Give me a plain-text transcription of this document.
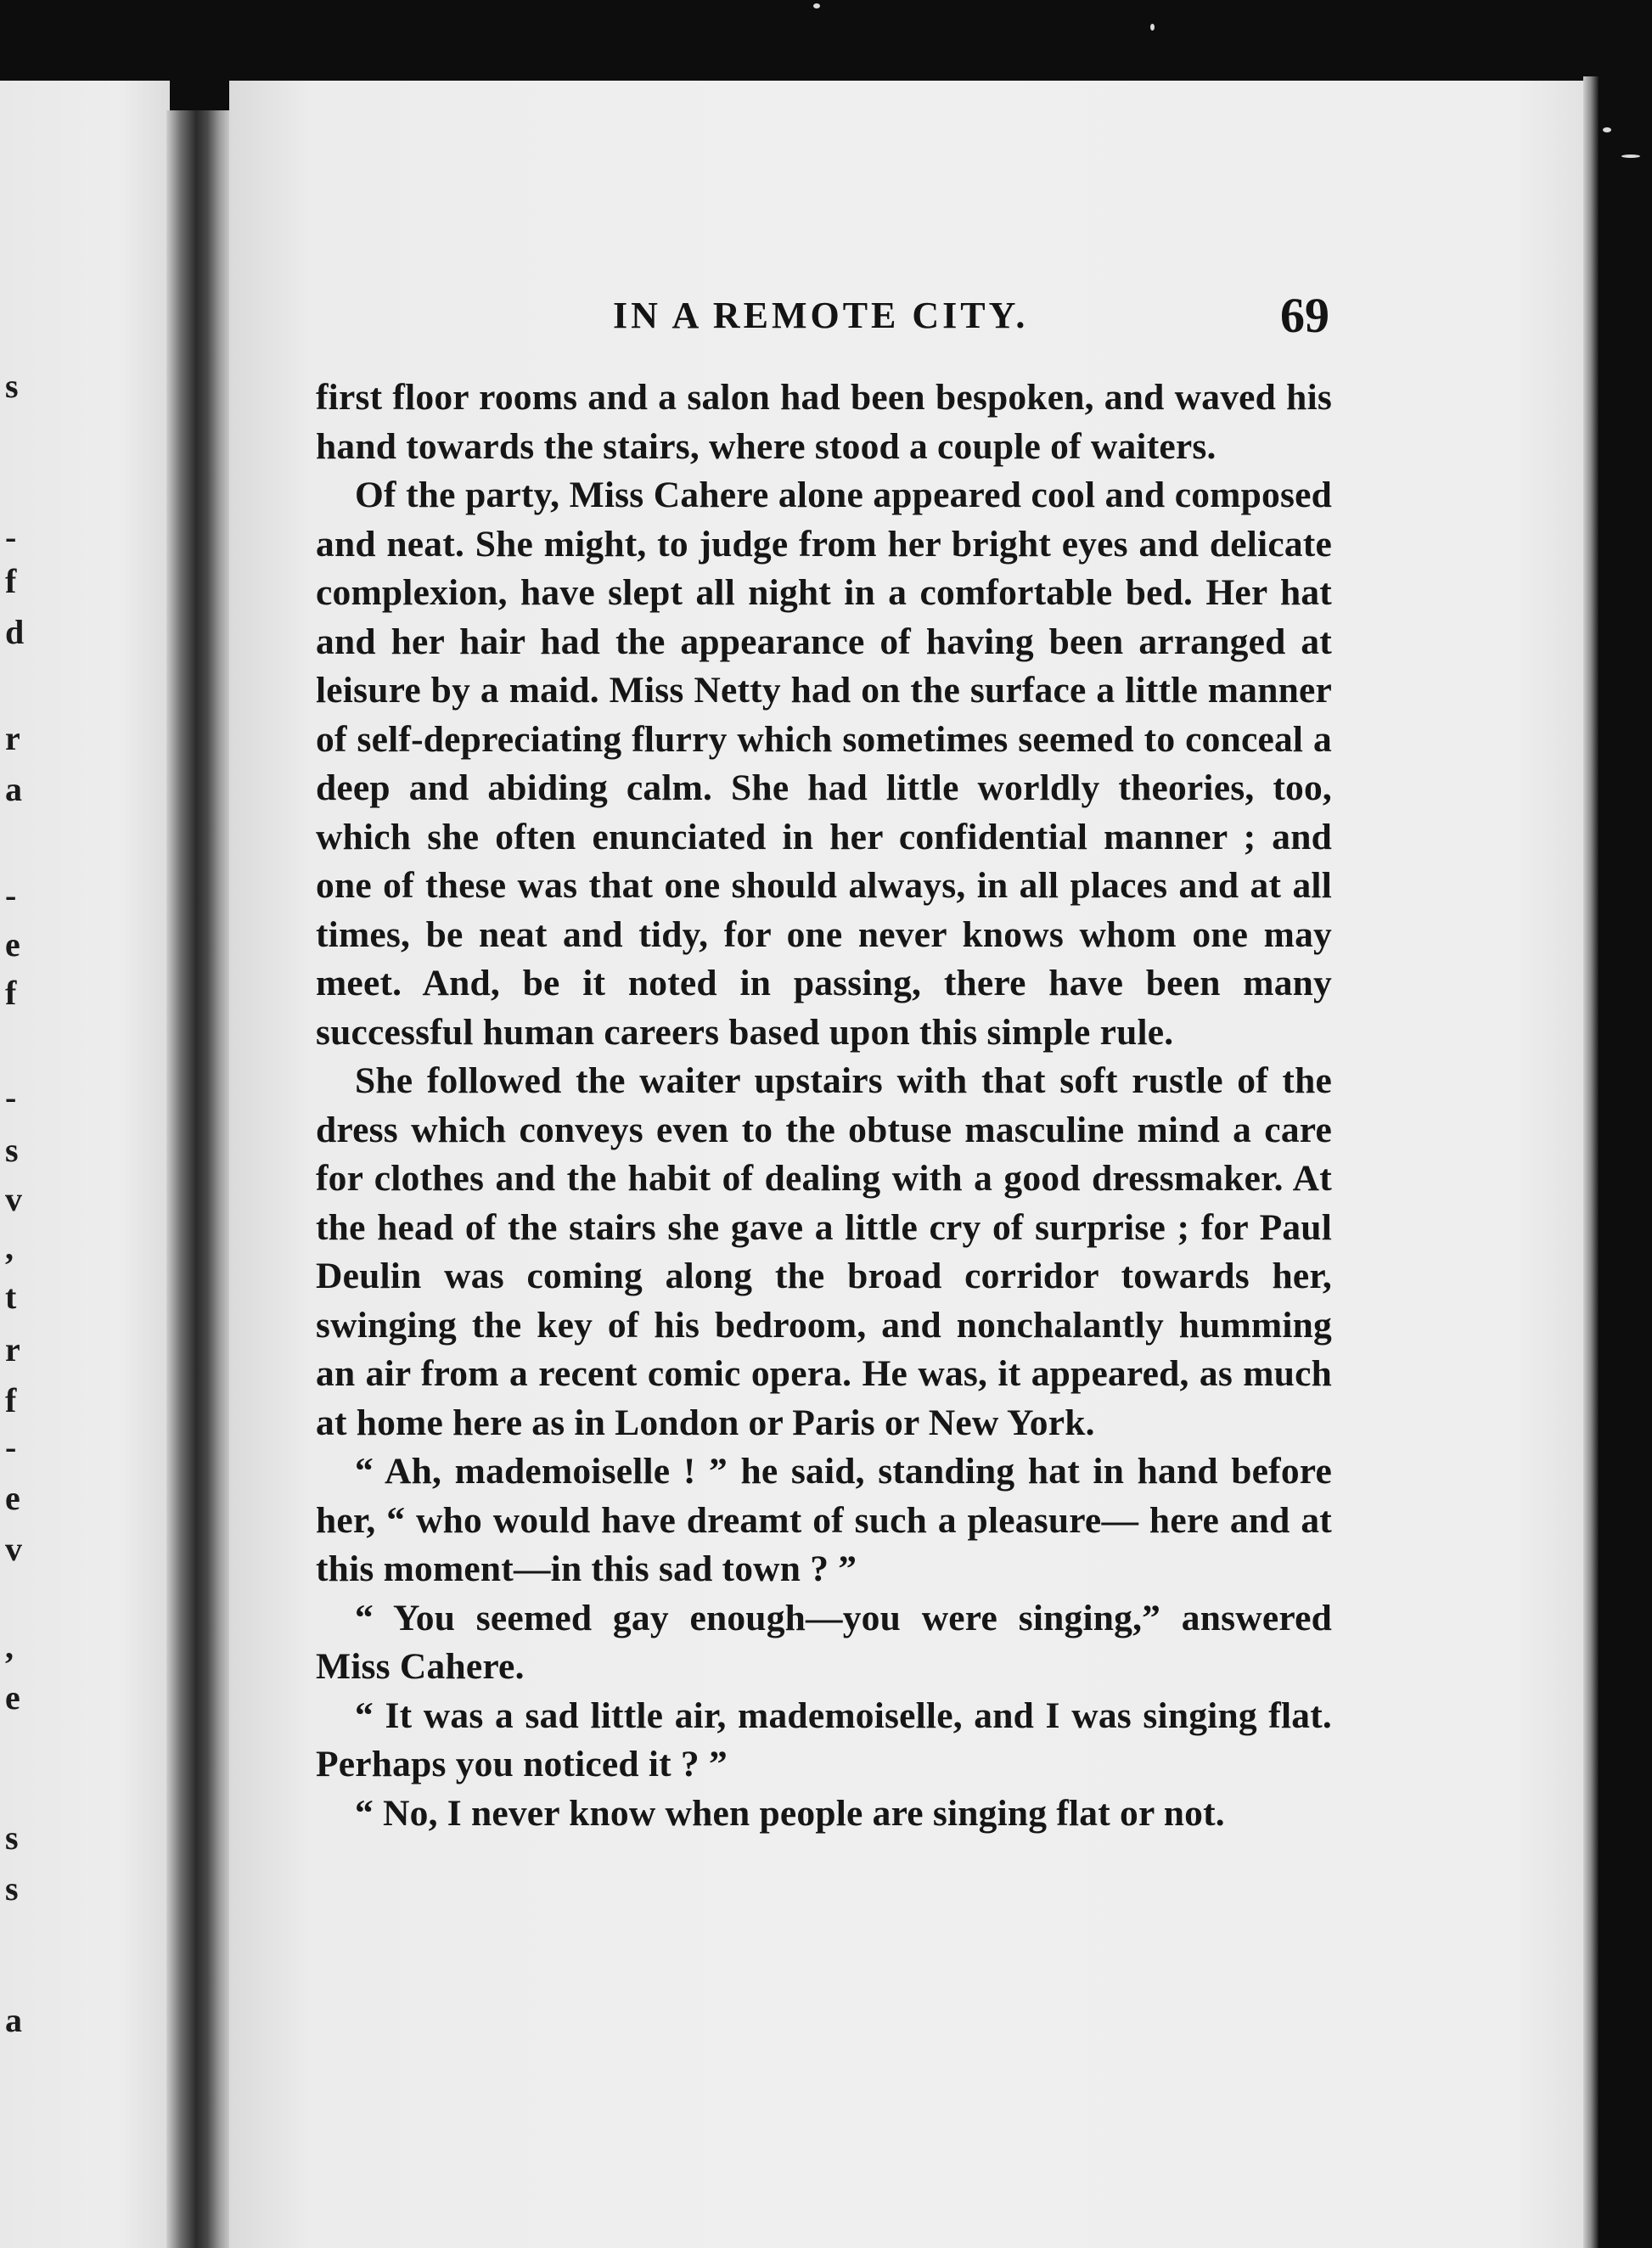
s
-
f
d
r
a
-
e
f
-
s
v
,
t
r
f
-
e
v
,
e
s
s
a
IN A REMOTE CITY.	69

first floor rooms and a salon had been bespoken, and waved his hand towards the stairs, where stood a couple of waiters.

Of the party, Miss Cahere alone appeared cool and composed and neat. She might, to judge from her bright eyes and delicate complexion, have slept all night in a comfortable bed. Her hat and her hair had the appearance of having been arranged at leisure by a maid. Miss Netty had on the surface a little manner of self-depreciating flurry which sometimes seemed to conceal a deep and abiding calm. She had little worldly theories, too, which she often enunciated in her confidential manner ; and one of these was that one should always, in all places and at all times, be neat and tidy, for one never knows whom one may meet. And, be it noted in passing, there have been many successful human careers based upon this simple rule.

She followed the waiter upstairs with that soft rustle of the dress which conveys even to the obtuse masculine mind a care for clothes and the habit of dealing with a good dressmaker. At the head of the stairs she gave a little cry of surprise ; for Paul Deulin was coming along the broad corridor towards her, swinging the key of his bedroom, and nonchalantly humming an air from a recent comic opera. He was, it appeared, as much at home here as in London or Paris or New York.

“ Ah, mademoiselle ! ” he said, standing hat in hand before her, “ who would have dreamt of such a pleasure— here and at this moment—in this sad town ? ”

“ You seemed gay enough—you were singing,” answered Miss Cahere.

“ It was a sad little air, mademoiselle, and I was singing flat. Perhaps you noticed it ? ”

“ No, I never know when people are singing flat or not.
